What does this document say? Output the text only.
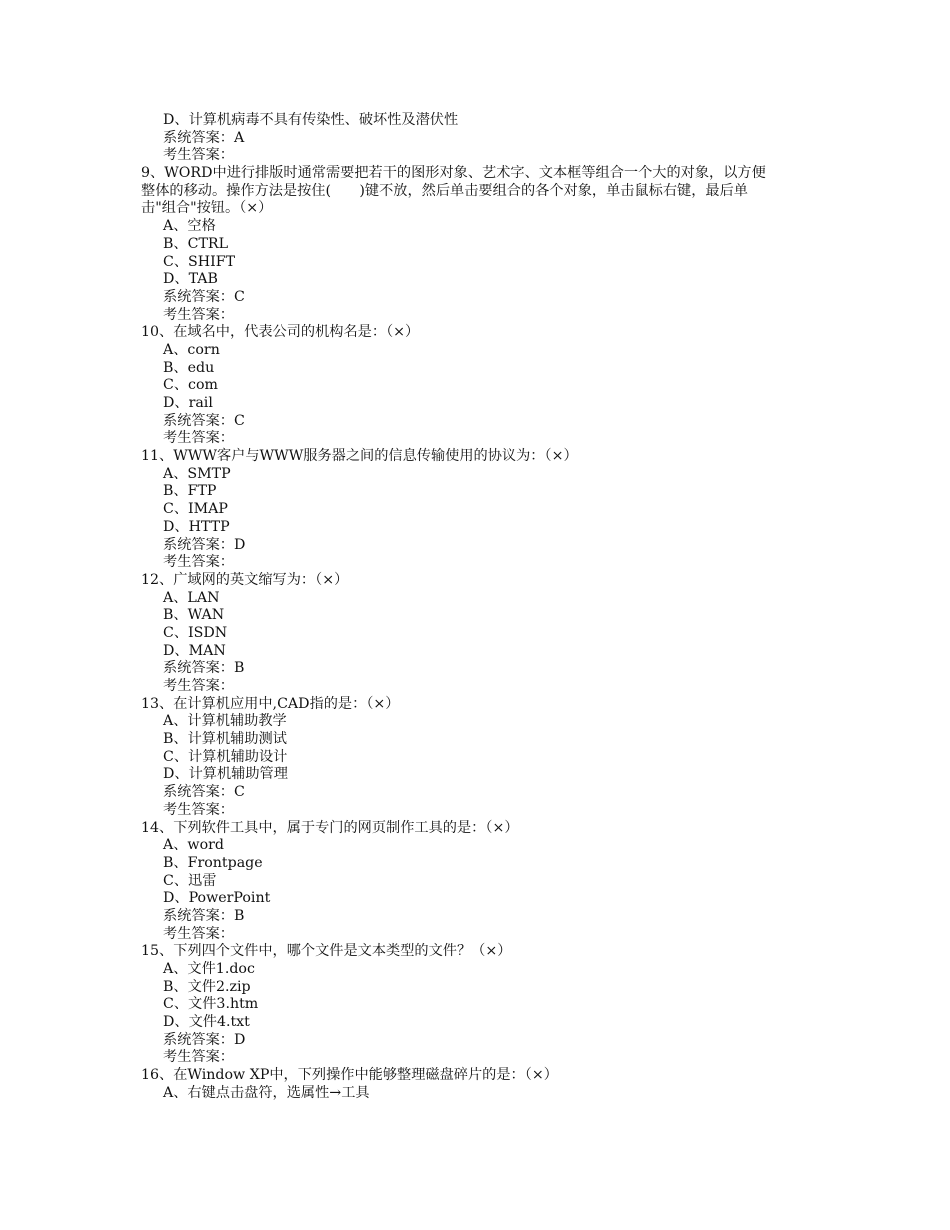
D、计算机病毒不具有传染性、破坏性及潜伏性
系统答案：A
考生答案：
9、WORD中进行排版时通常需要把若干的图形对象、艺术字、文本框等组合一个大的对象，以方便
整体的移动。操作方法是按住(　　)键不放，然后单击要组合的各个对象，单击鼠标右键，最后单
击"组合"按钮。（×）
A、空格
B、CTRL
C、SHIFT
D、TAB
系统答案：C
考生答案：
10、在域名中，代表公司的机构名是：（×）
A、corn
B、edu
C、com
D、rail
系统答案：C
考生答案：
11、WWW客户与WWW服务器之间的信息传输使用的协议为：（×）
A、SMTP
B、FTP
C、IMAP
D、HTTP
系统答案：D
考生答案：
12、广域网的英文缩写为：（×）
A、LAN
B、WAN
C、ISDN
D、MAN
系统答案：B
考生答案：
13、在计算机应用中,CAD指的是：（×）
A、计算机辅助教学
B、计算机辅助测试
C、计算机辅助设计
D、计算机辅助管理
系统答案：C
考生答案：
14、下列软件工具中，属于专门的网页制作工具的是：（×）
A、word
B、Frontpage
C、迅雷
D、PowerPoint
系统答案：B
考生答案：
15、下列四个文件中，哪个文件是文本类型的文件？（×）
A、文件1.doc
B、文件2.zip
C、文件3.htm
D、文件4.txt
系统答案：D
考生答案：
16、在Window XP中，下列操作中能够整理磁盘碎片的是：（×）
A、右键点击盘符，选属性→工具
